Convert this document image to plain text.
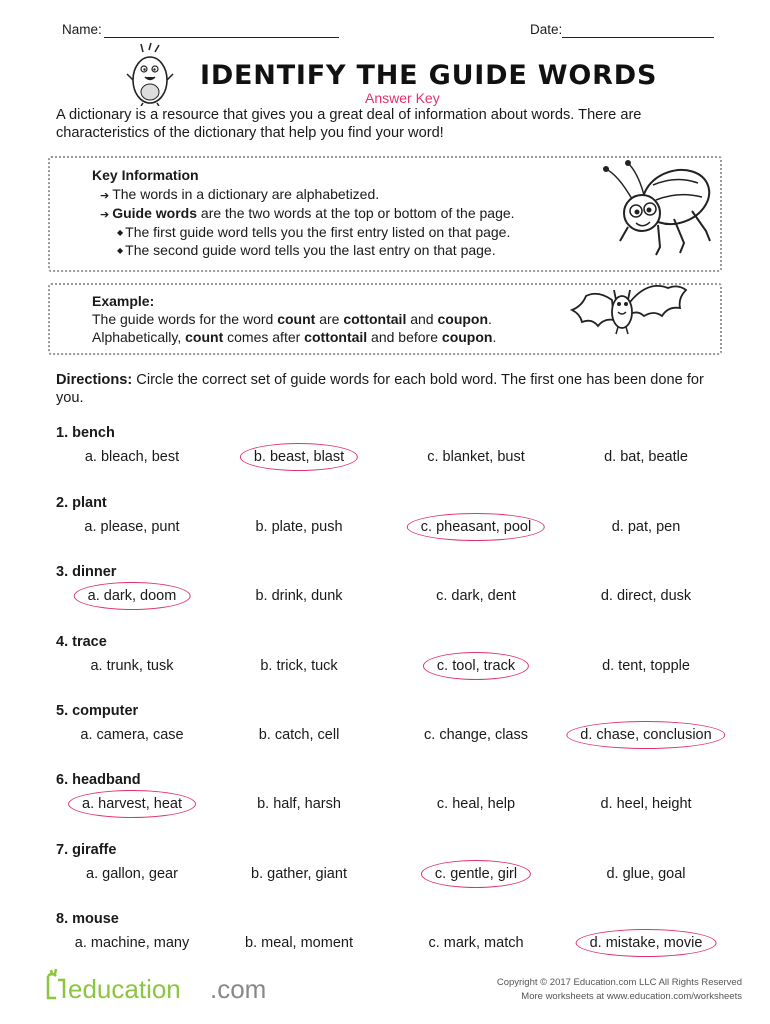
Name:	Date:
IDENTIFY THE GUIDE WORDS
Answer Key
A dictionary is a resource that gives you a great deal of information about words. There are characteristics of the dictionary that help you find your word!
Key Information
➔ The words in a dictionary are alphabetized.
➔ Guide words are the two words at the top or bottom of the page.
◆ The first guide word tells you the first entry listed on that page.
◆ The second guide word tells you the last entry on that page.
Example:
The guide words for the word count are cottontail and coupon.
Alphabetically, count comes after cottontail and before coupon.
Directions: Circle the correct set of guide words for each bold word. The first one has been done for you.
1. bench
a. bleach, best	b. beast, blast	c. blanket, bust	d. bat, beatle
2. plant
a. please, punt	b. plate, push	c. pheasant, pool	d. pat, pen
3. dinner
a. dark, doom	b. drink, dunk	c. dark, dent	d. direct, dusk
4. trace
a. trunk, tusk	b. trick, tuck	c. tool, track	d. tent, topple
5. computer
a. camera, case	b. catch, cell	c. change, class	d. chase, conclusion
6. headband
a. harvest, heat	b. half, harsh	c. heal, help	d. heel, height
7. giraffe
a. gallon, gear	b. gather, giant	c. gentle, girl	d. glue, goal
8. mouse
a. machine, many	b. meal, moment	c. mark, match	d. mistake, movie
education .com	Copyright © 2017 Education.com LLC All Rights Reserved
More worksheets at www.education.com/worksheets
